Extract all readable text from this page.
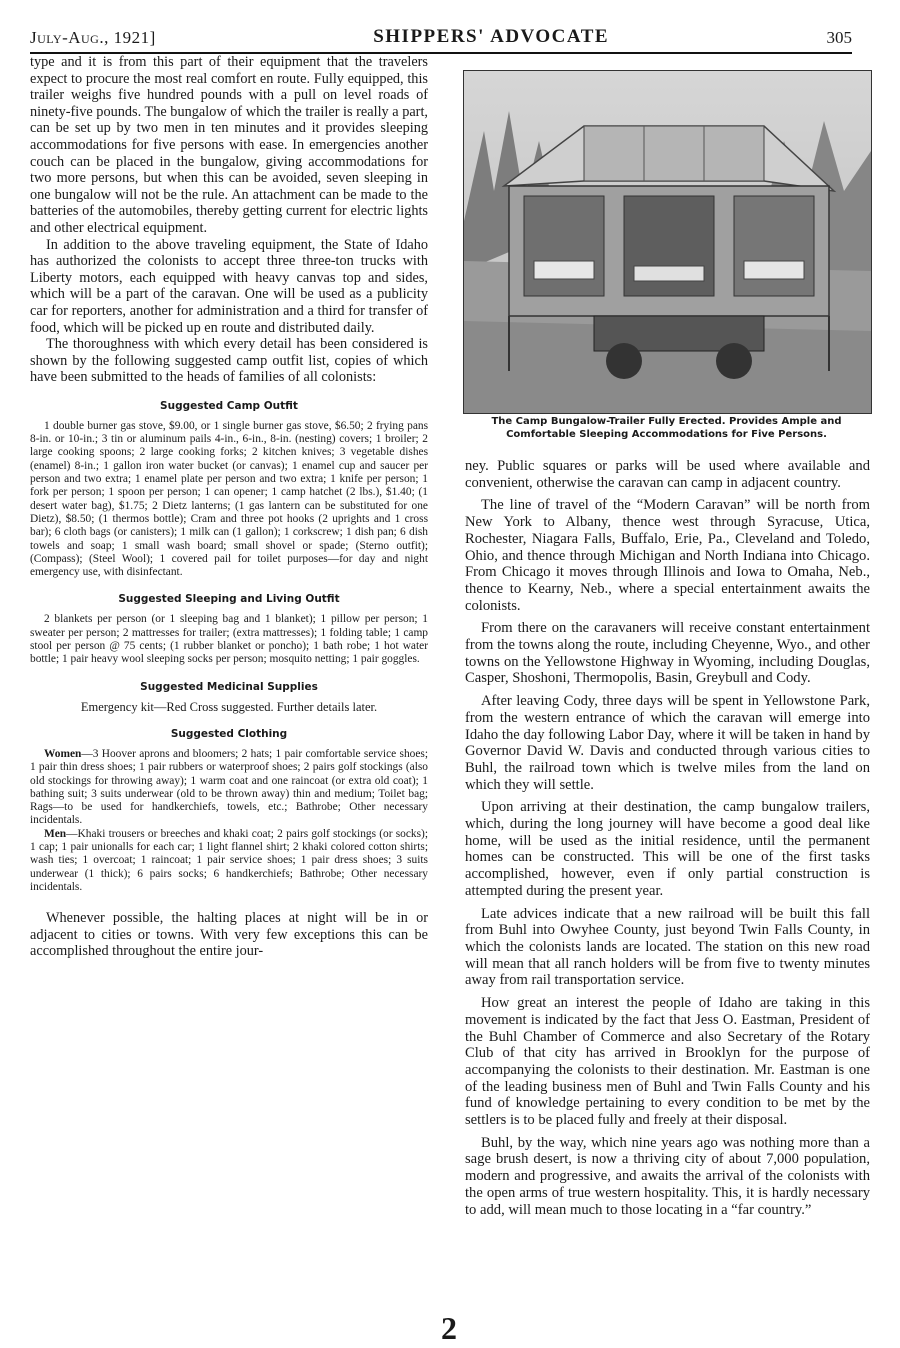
July-Aug., 1921]	SHIPPERS' ADVOCATE	305

type and it is from this part of their equipment that the travelers expect to procure the most real comfort en route. Fully equipped, this trailer weighs five hundred pounds with a pull on level roads of ninety-five pounds. The bungalow of which the trailer is really a part, can be set up by two men in ten minutes and it provides sleeping accommodations for five persons with ease. In emergencies another couch can be placed in the bungalow, giving accommodations for two more persons, but when this can be avoided, seven sleeping in one bungalow will not be the rule. An attachment can be made to the batteries of the automobiles, thereby getting current for electric lights and other electrical equipment.

In addition to the above traveling equipment, the State of Idaho has authorized the colonists to accept three three-ton trucks with Liberty motors, each equipped with heavy canvas top and sides, which will be a part of the caravan. One will be used as a publicity car for reporters, another for administration and a third for transfer of food, which will be picked up en route and distributed daily.

The thoroughness with which every detail has been considered is shown by the following suggested camp outfit list, copies of which have been submitted to the heads of families of all colonists:

Suggested Camp Outfit

1 double burner gas stove, $9.00, or 1 single burner gas stove, $6.50; 2 frying pans 8-in. or 10-in.; 3 tin or aluminum pails 4-in., 6-in., 8-in. (nesting) covers; 1 broiler; 2 large cooking spoons; 2 large cooking forks; 2 kitchen knives; 3 vegetable dishes (enamel) 8-in.; 1 gallon iron water bucket (or canvas); 1 enamel cup and saucer per person and two extra; 1 enamel plate per person and two extra; 1 knife per person; 1 fork per person; 1 spoon per person; 1 can opener; 1 camp hatchet (2 lbs.), $1.40; (1 desert water bag), $1.75; 2 Dietz lanterns; (1 gas lantern can be substituted for one Dietz), $8.50; (1 thermos bottle); Cram and three pot hooks (2 uprights and 1 cross bar); 6 cloth bags (or canisters); 1 milk can (1 gallon); 1 corkscrew; 1 dish pan; 6 dish towels and soap; 1 small wash board; small shovel or spade; (Sterno outfit); (Compass); (Steel Wool); 1 covered pail for toilet purposes—for day and night emergency use, with disinfectant.

Suggested Sleeping and Living Outfit

2 blankets per person (or 1 sleeping bag and 1 blanket); 1 pillow per person; 1 sweater per person; 2 mattresses for trailer; (extra mattresses); 1 folding table; 1 camp stool per person @ 75 cents; (1 rubber blanket or poncho); 1 bath robe; 1 hot water bottle; 1 pair heavy wool sleeping socks per person; mosquito netting; 1 pair goggles.

Suggested Medicinal Supplies

Emergency kit—Red Cross suggested. Further details later.

Suggested Clothing

Women—3 Hoover aprons and bloomers; 2 hats; 1 pair comfortable service shoes; 1 pair thin dress shoes; 1 pair rubbers or waterproof shoes; 2 pairs golf stockings (also old stockings for throwing away); 1 warm coat and one raincoat (or extra old coat); 1 bathing suit; 3 suits underwear (old to be thrown away) thin and medium; Toilet bag; Rags—to be used for handkerchiefs, towels, etc.; Bathrobe; Other necessary incidentals.

Men—Khaki trousers or breeches and khaki coat; 2 pairs golf stockings (or socks); 1 cap; 1 pair unionalls for each car; 1 light flannel shirt; 2 khaki colored cotton shirts; wash ties; 1 overcoat; 1 raincoat; 1 pair service shoes; 1 pair dress shoes; 3 suits underwear (1 thick); 6 pairs socks; 6 handkerchiefs; Bathrobe; Other necessary incidentals.

Whenever possible, the halting places at night will be in or adjacent to cities or towns. With very few exceptions this can be accomplished throughout the entire jour-

The Camp Bungalow-Trailer Fully Erected. Provides Ample and Comfortable Sleeping Accommodations for Five Persons.

ney. Public squares or parks will be used where available and convenient, otherwise the caravan can camp in adjacent country.

The line of travel of the “Modern Caravan” will be north from New York to Albany, thence west through Syracuse, Utica, Rochester, Niagara Falls, Buffalo, Erie, Pa., Cleveland and Toledo, Ohio, and thence through Michigan and North Indiana into Chicago. From Chicago it moves through Illinois and Iowa to Omaha, Neb., thence to Kearny, Neb., where a special entertainment awaits the colonists.

From there on the caravaners will receive constant entertainment from the towns along the route, including Cheyenne, Wyo., and other towns on the Yellowstone Highway in Wyoming, including Douglas, Casper, Shoshoni, Thermopolis, Basin, Greybull and Cody.

After leaving Cody, three days will be spent in Yellowstone Park, from the western entrance of which the caravan will emerge into Idaho the day following Labor Day, where it will be taken in hand by Governor David W. Davis and conducted through various cities to Buhl, the railroad town which is twelve miles from the land on which they will settle.

Upon arriving at their destination, the camp bungalow trailers, which, during the long journey will have become a good deal like home, will be used as the initial residence, until the permanent homes can be constructed. This will be one of the first tasks accomplished, however, even if only partial construction is attempted during the present year.

Late advices indicate that a new railroad will be built this fall from Buhl into Owyhee County, just beyond Twin Falls County, in which the colonists lands are located. The station on this new road will mean that all ranch holders will be from five to twenty minutes away from rail transportation service.

How great an interest the people of Idaho are taking in this movement is indicated by the fact that Jess O. Eastman, President of the Buhl Chamber of Commerce and also Secretary of the Rotary Club of that city has arrived in Brooklyn for the purpose of accompanying the colonists to their destination. Mr. Eastman is one of the leading business men of Buhl and Twin Falls County and his fund of knowledge pertaining to every condition to be met by the settlers is to be placed fully and freely at their disposal.

Buhl, by the way, which nine years ago was nothing more than a sage brush desert, is now a thriving city of about 7,000 population, modern and progressive, and awaits the arrival of the colonists with the open arms of true western hospitality. This, it is hardly necessary to add, will mean much to those locating in a “far country.”

2
